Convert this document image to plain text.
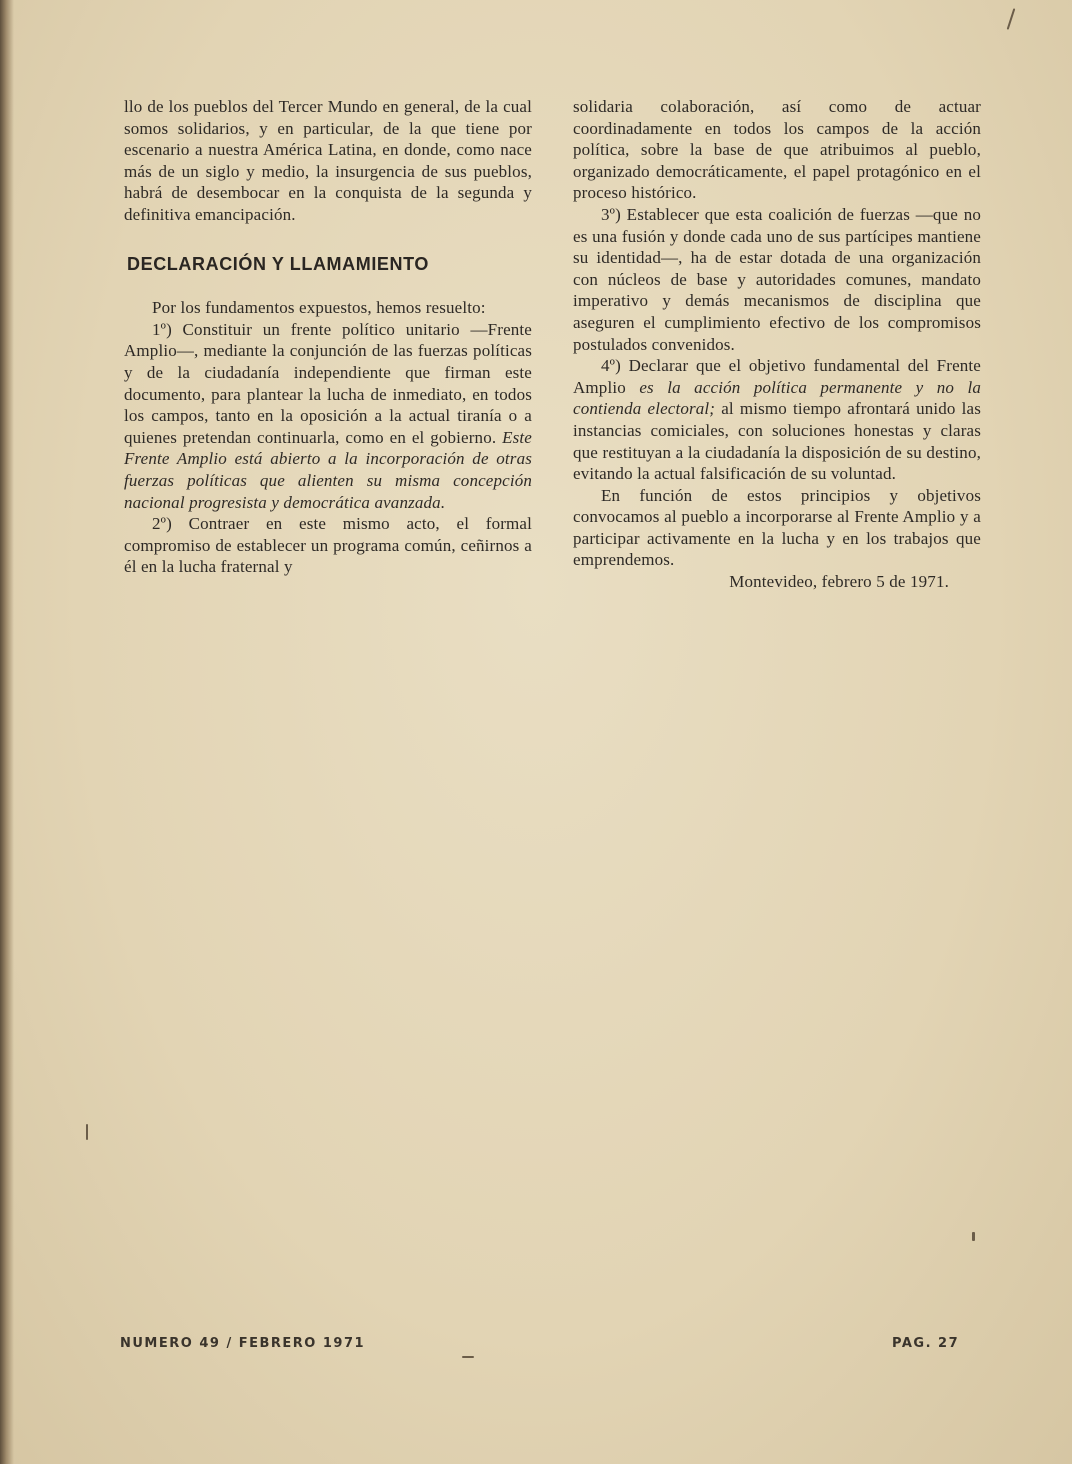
llo de los pueblos del Tercer Mundo en general, de la cual somos solidarios, y en particular, de la que tiene por escenario a nuestra América Latina, en donde, como nace más de un siglo y medio, la insurgencia de sus pueblos, habrá de desembocar en la conquista de la segunda y definitiva emancipación.

DECLARACIÓN Y LLAMAMIENTO

Por los fundamentos expuestos, hemos resuelto:

1º) Constituir un frente político unitario —Frente Amplio—, mediante la conjunción de las fuerzas políticas y de la ciudadanía independiente que firman este documento, para plantear la lucha de inmediato, en todos los campos, tanto en la oposición a la actual tiranía o a quienes pretendan continuarla, como en el gobierno. Este Frente Amplio está abierto a la incorporación de otras fuerzas políticas que alienten su misma concepción nacional progresista y democrática avanzada.

2º) Contraer en este mismo acto, el formal compromiso de establecer un programa común, ceñirnos a él en la lucha fraternal y

solidaria colaboración, así como de actuar coordinadamente en todos los campos de la acción política, sobre la base de que atribuimos al pueblo, organizado democráticamente, el papel protagónico en el proceso histórico.

3º) Establecer que esta coalición de fuerzas —que no es una fusión y donde cada uno de sus partícipes mantiene su identidad—, ha de estar dotada de una organización con núcleos de base y autoridades comunes, mandato imperativo y demás mecanismos de disciplina que aseguren el cumplimiento efectivo de los compromisos postulados convenidos.

4º) Declarar que el objetivo fundamental del Frente Amplio es la acción política permanente y no la contienda electoral; al mismo tiempo afrontará unido las instancias comiciales, con soluciones honestas y claras que restituyan a la ciudadanía la disposición de su destino, evitando la actual falsificación de su voluntad.

En función de estos principios y objetivos convocamos al pueblo a incorporarse al Frente Amplio y a participar activamente en la lucha y en los trabajos que emprendemos.

Montevideo, febrero 5 de 1971.

NUMERO 49 / FEBRERO 1971	PAG. 27
